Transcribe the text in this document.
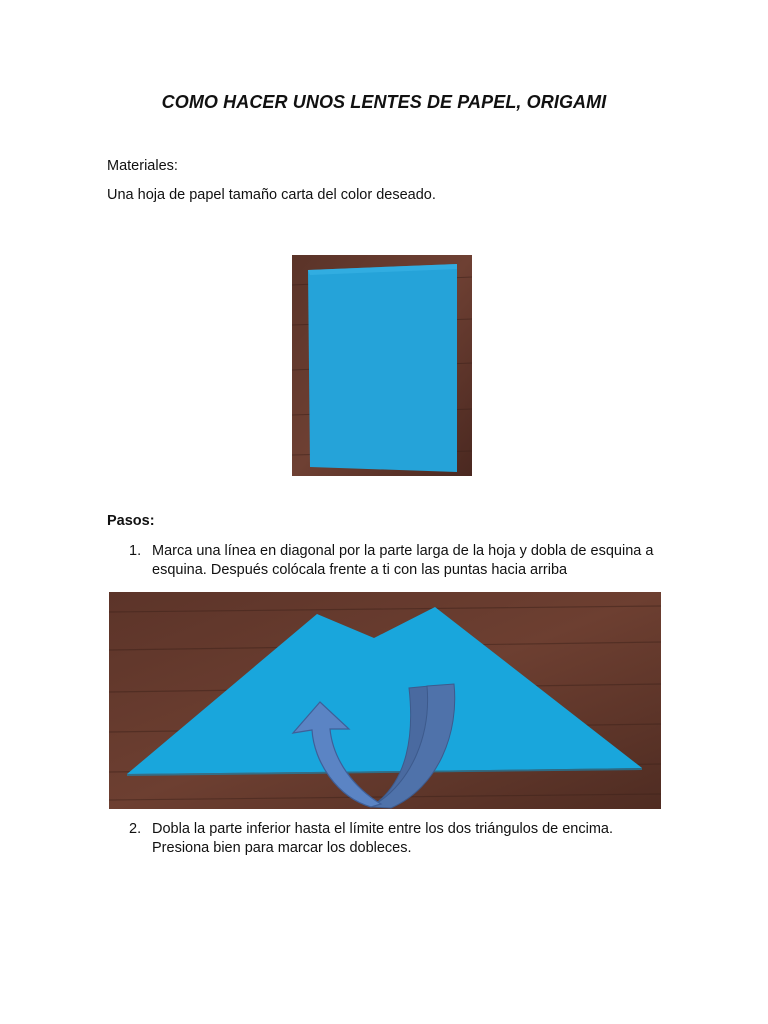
COMO HACER UNOS LENTES DE PAPEL, ORIGAMI

Materiales:

Una hoja de papel tamaño carta del color deseado.

Pasos:

1. Marca una línea en diagonal por la parte larga de la hoja y dobla de esquina a esquina. Después colócala frente a ti con las puntas hacia arriba
2. Dobla la parte inferior hasta el límite entre los dos triángulos de encima. Presiona bien para marcar los dobleces.
